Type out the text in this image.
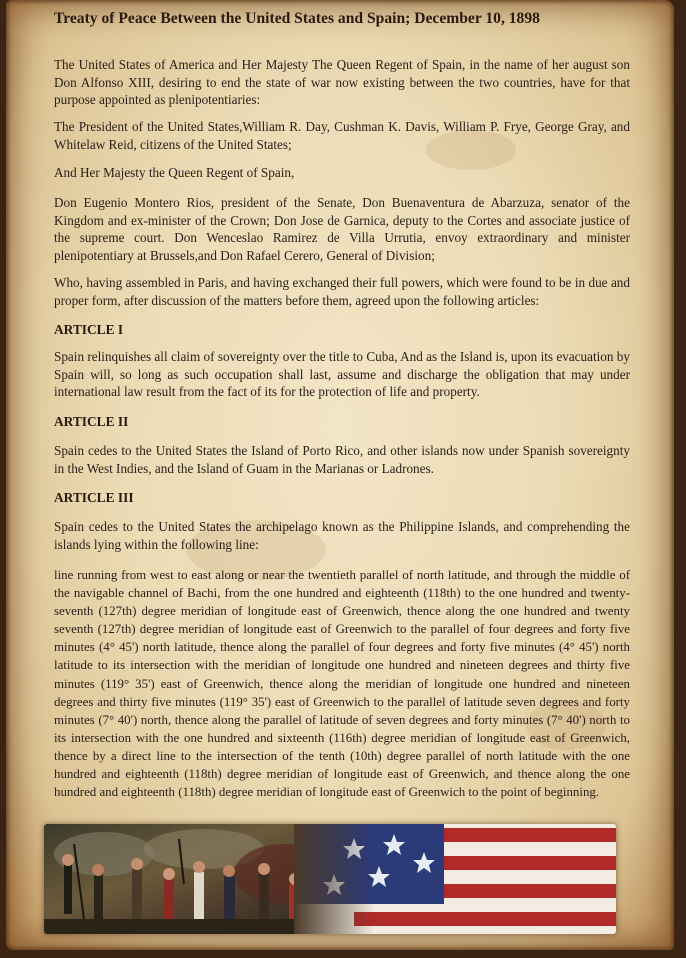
Treaty of Peace Between the United States and Spain; December 10, 1898

The United States of America and Her Majesty The Queen Regent of Spain, in the name of her august son Don Alfonso XIII, desiring to end the state of war now existing between the two countries, have for that purpose appointed as plenipotentiaries:

The President of the United States,William R. Day, Cushman K. Davis, William P. Frye, George Gray, and Whitelaw Reid, citizens of the United States;

And Her Majesty the Queen Regent of Spain,

Don Eugenio Montero Rios, president of the Senate, Don Buenaventura de Abarzuza, senator of the Kingdom and ex-minister of the Crown; Don Jose de Garnica, deputy to the Cortes and associate justice of the supreme court. Don Wenceslao Ramirez de Villa Urrutia, envoy extraordinary and minister plenipotentiary at Brussels,and Don Rafael Cerero, General of Division;

Who, having assembled in Paris, and having exchanged their full powers, which were found to be in due and proper form, after discussion of the matters before them, agreed upon the following articles:

ARTICLE I

Spain relinquishes all claim of sovereignty over the title to Cuba, And as the Island is, upon its evacuation by Spain will, so long as such occupation shall last, assume and discharge the obligation that may under international law result from the fact of its for the protection of life and property.

ARTICLE II

Spain cedes to the United States the Island of Porto Rico, and other islands now under Spanish sovereignty in the West Indies, and the Island of Guam in the Marianas or Ladrones.

ARTICLE III

Spain cedes to the United States the archipelago known as the Philippine Islands, and comprehending the islands lying within the following line:

line running from west to east along or near the twentieth parallel of north latitude, and through the middle of the navigable channel of Bachi, from the one hundred and eighteenth (118th) to the one hundred and twenty-seventh (127th) degree meridian of longitude east of Greenwich, thence along the one hundred and twenty seventh (127th) degree meridian of longitude east of Greenwich to the parallel of four degrees and forty five minutes (4° 45') north latitude, thence along the parallel of four degrees and forty five minutes (4° 45') north latitude to its intersection with the meridian of longitude one hundred and nineteen degrees and thirty five minutes (119° 35') east of Greenwich, thence along the meridian of longitude one hundred and nineteen degrees and thirty five minutes (119° 35') east of Greenwich to the parallel of latitude seven degrees and forty minutes (7° 40') north, thence along the parallel of latitude of seven degrees and forty minutes (7° 40') north to its intersection with the one hundred and sixteenth (116th) degree meridian of longitude east of Greenwich, thence by a direct line to the intersection of the tenth (10th) degree parallel of north latitude with the one hundred and eighteenth (118th) degree meridian of longitude east of Greenwich, and thence along the one hundred and eighteenth (118th) degree meridian of longitude east of Greenwich to the point of beginning.
